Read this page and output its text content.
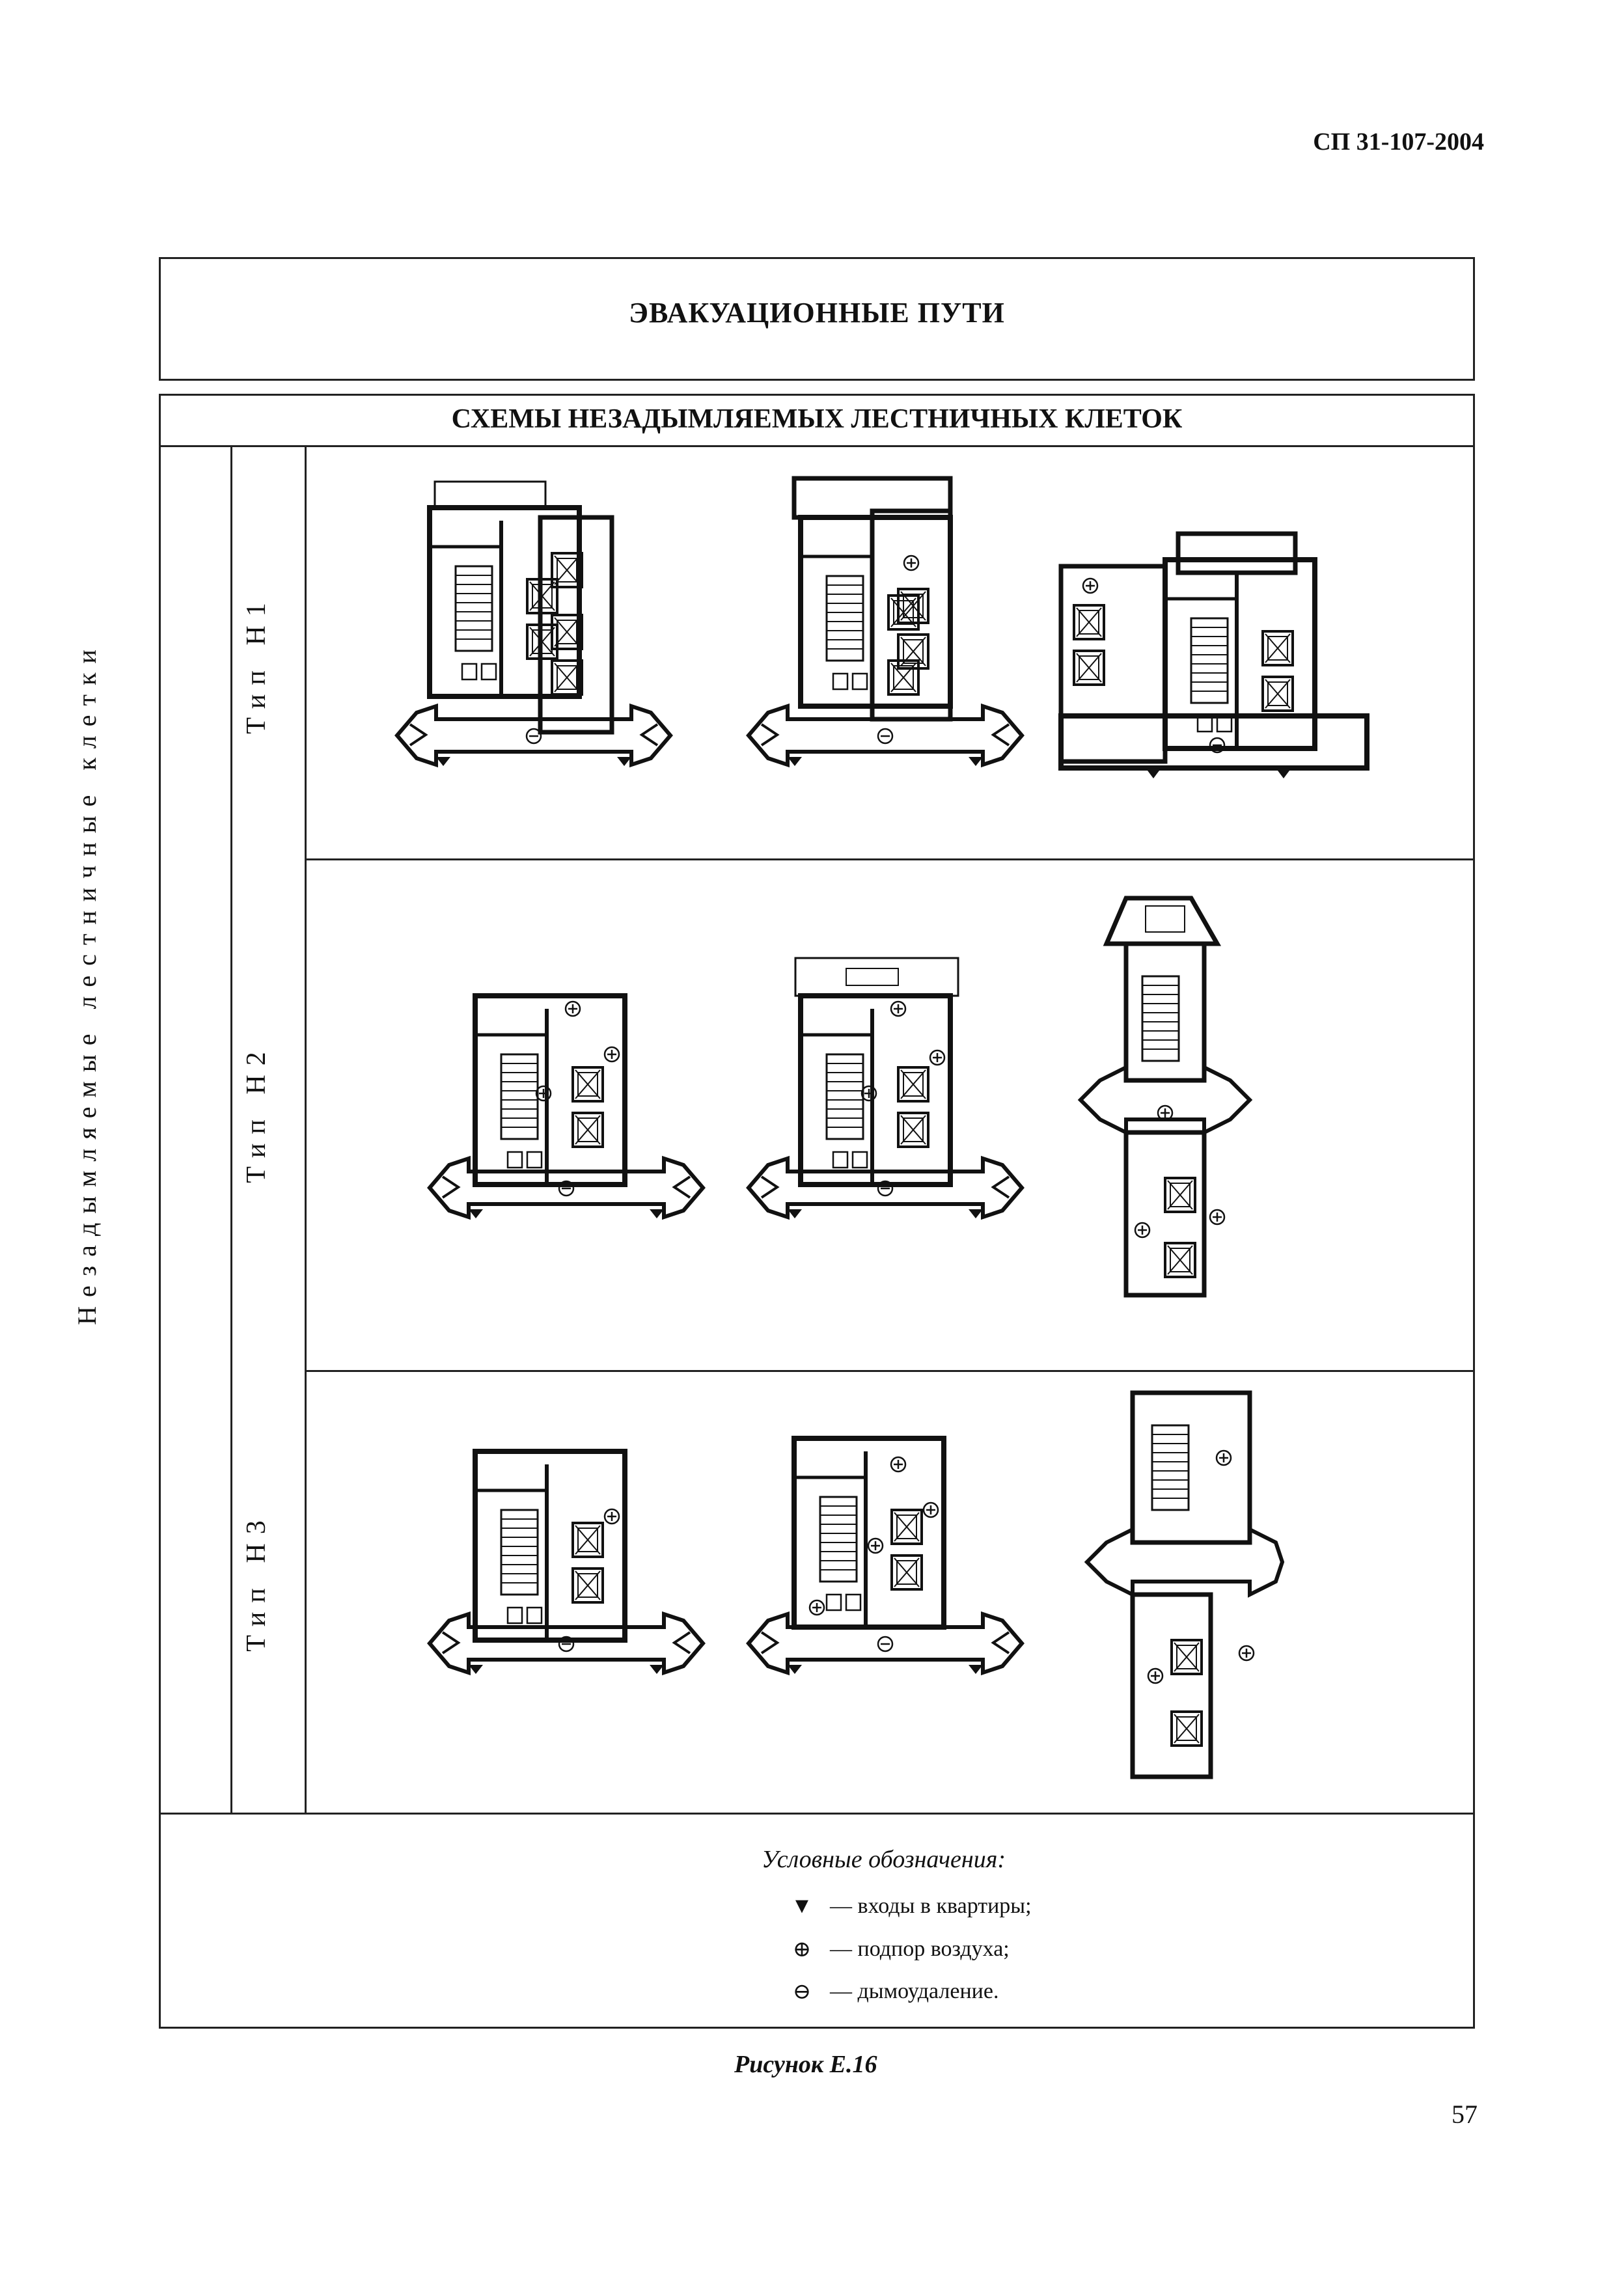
СП 31-107-2004
ЭВАКУАЦИОННЫЕ ПУТИ
СХЕМЫ НЕЗАДЫМЛЯЕМЫХ ЛЕСТНИЧНЫХ КЛЕТОК
Незадымляемые лестничные клетки	Тип Н1
Тип Н2
Тип Н3
Условные обозначения:
▼ — входы в квартиры;
⊕ — подпор воздуха;
⊖ — дымоудаление.
Рисунок Е.16
57
